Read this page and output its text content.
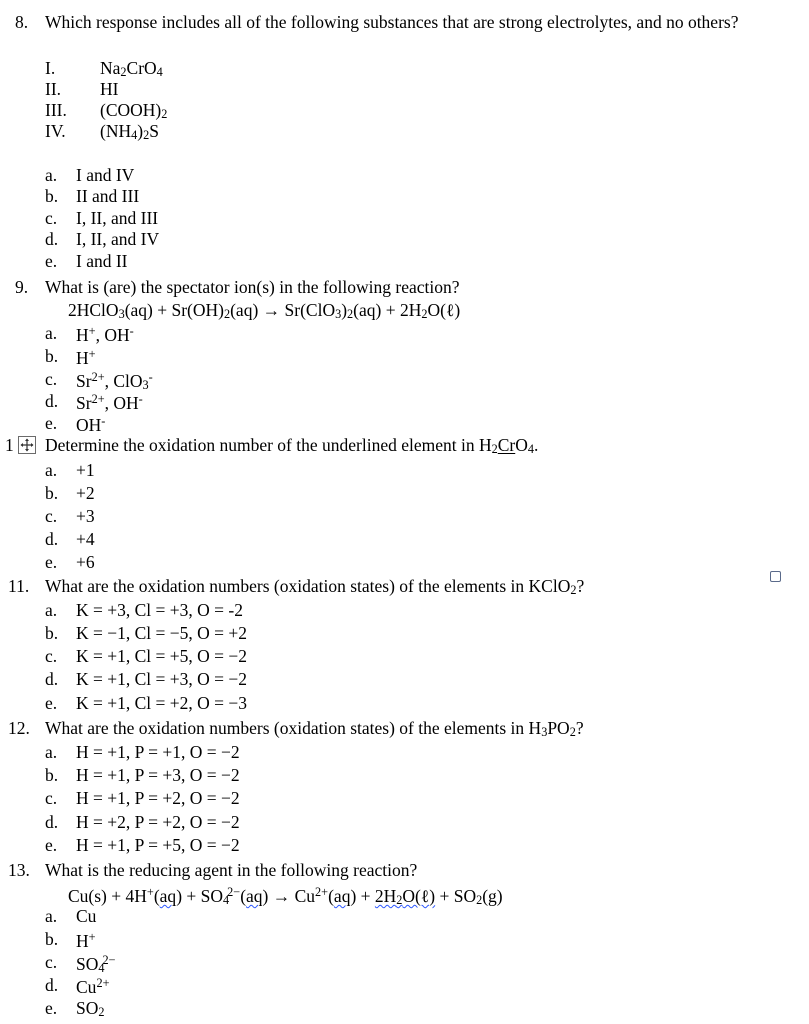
8. Which response includes all of the following substances that are strong electrolytes, and no others?
I.	Na2CrO4
II. HI
III. (COOH)2
IV. (NH4)2S
a. I and IV
b. II and III
c. I, II, and III
d. I, II, and IV
e. I and II
9. What is (are) the spectator ion(s) in the following reaction?
2HClO3(aq) + Sr(OH)2(aq) → Sr(ClO3)2(aq) + 2H2O(ℓ)
a. H+, OH-
b. H+
c. $Sr^{2+}$, ClO3-
d. $Sr^{2+}$, OH-
e. OH-
1	Determine the oxidation number of the underlined element in H2CrO4.
a. +1
b. +2
c. +3
d. +4
e. +6
11. What are the oxidation numbers (oxidation states) of the elements in KClO2?
a. K = +3, Cl = +3, O = -2
b. K = −1, Cl = −5, O = +2
c. K = +1, Cl = +5, O = −2
d. K = +1, Cl = +3, O = −2
e. K = +1, Cl = +2, O = −3
12. What are the oxidation numbers (oxidation states) of the elements in H3PO2?
a. H = +1, P = +1, O = −2
b. H = +1, P = +3, O = −2
c. H = +1, P = +2, O = −2
d. H = +2, P = +2, O = −2
e. H = +1, P = +5, O = −2
13. What is the reducing agent in the following reaction?
$Cu(s) + 4H^+(aq) + SO4^{2-}(aq) \to Cu^{2+}(aq)$ + 2H2O(ℓ) + SO2(g)
a. Cu
b. H+
c. $SO4^{2-}$
d. $Cu^{2+}$
e. SO2
